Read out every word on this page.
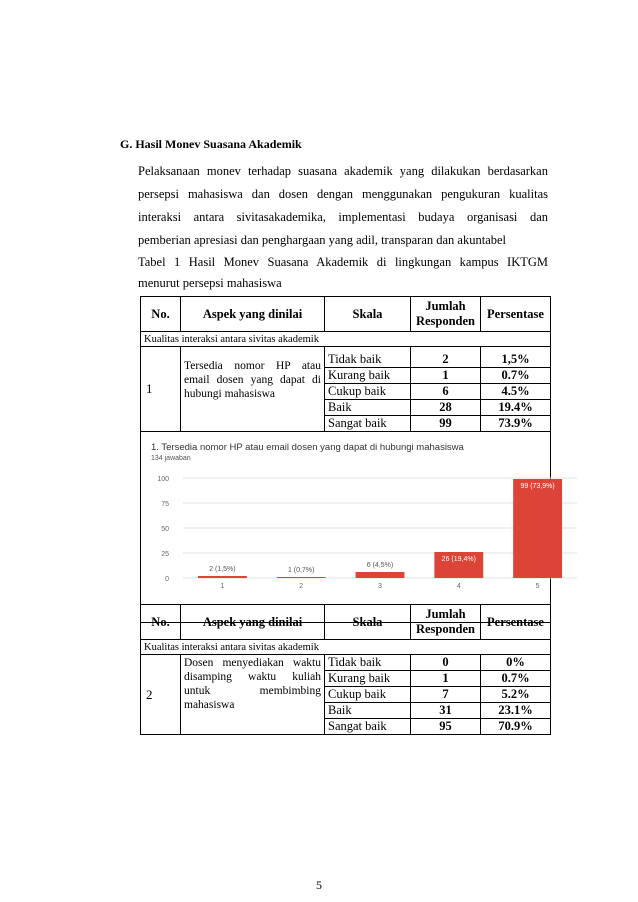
G. Hasil Monev Suasana Akademik
Pelaksanaan monev terhadap suasana akademik yang dilakukan berdasarkan
persepsi mahasiswa dan dosen dengan menggunakan pengukuran kualitas
interaksi antara sivitasakademika, implementasi budaya organisasi dan
pemberian apresiasi dan penghargaan yang adil, transparan dan akuntabel
Tabel 1 Hasil Monev Suasana Akademik di lingkungan kampus IKTGM
menurut persepsi mahasiswa
No.	Aspek yang dinilai	Skala	Jumlah Responden	Persentase
Kualitas interaksi antara sivitas akademik				
1	Tersedia nomor HP atau email dosen yang dapat di hubungi mahasiswa	Tidak baik	2	1,5%
		Kurang baik	1	0.7%
		Cukup baik	6	4.5%
		Baik	28	19.4%
		Sangat baik	99	73.9%

1. Tersedia nomor HP atau email dosen yang dapat di hubungi mahasiswa
134 jawaban
0
25
50
75
100
2 (1,5%)
1
1 (0,7%)
2
6 (4,5%)
3
26 (19,4%)
4
99 (73,9%)
5
No.	Aspek yang dinilai	Skala	Jumlah Responden	Persentase
Kualitas interaksi antara sivitas akademik				
2	Dosen menyediakan waktu disamping waktu kuliah untuk membimbing mahasiswa	Tidak baik	0	0%
		Kurang baik	1	0.7%
		Cukup baik	7	5.2%
		Baik	31	23.1%
		Sangat baik	95	70.9%
5
